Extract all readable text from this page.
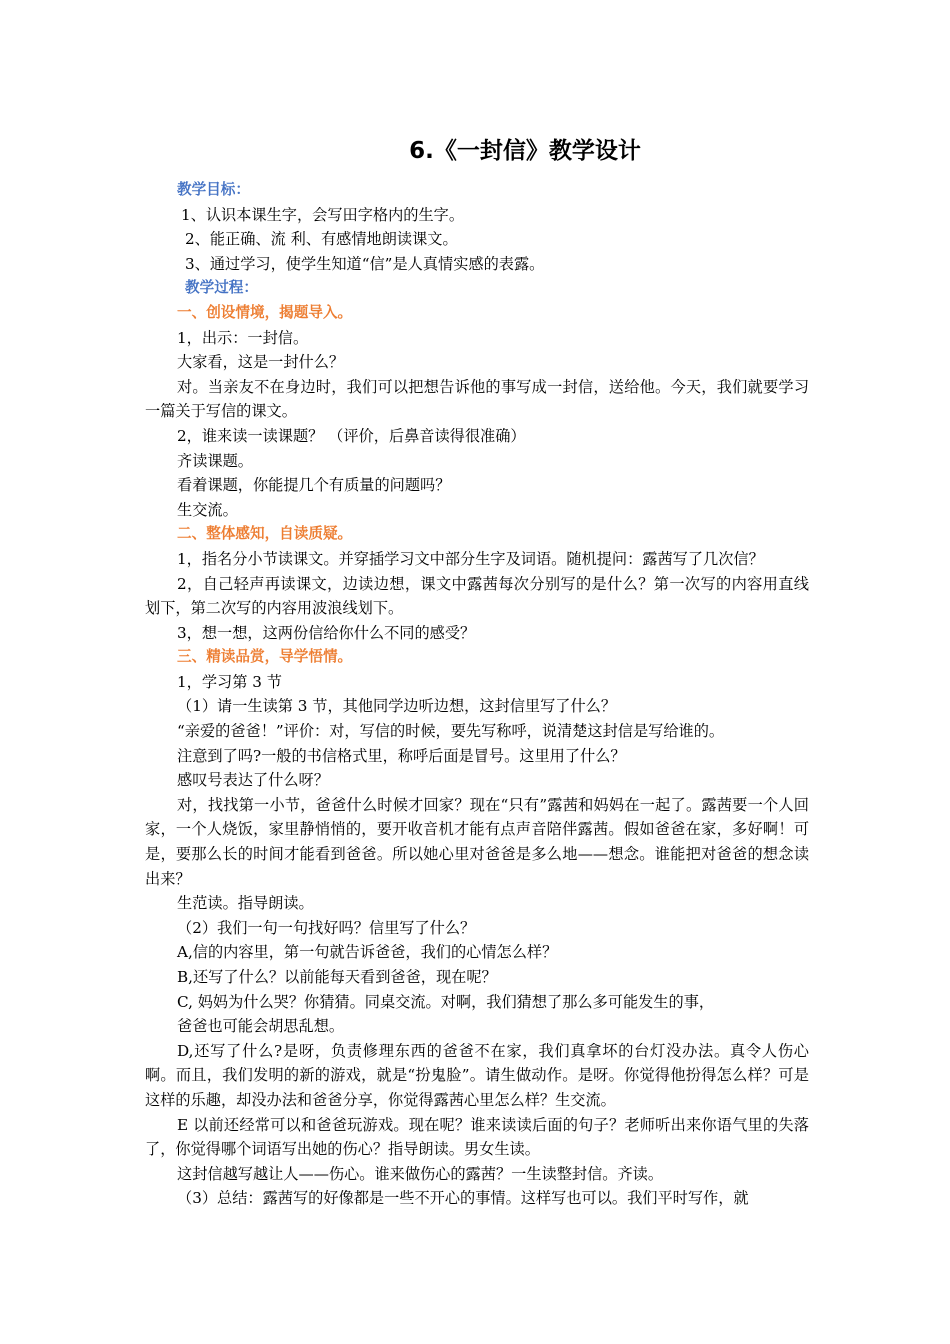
6.《一封信》教学设计

教学目标：

1、认识本课生字，会写田字格内的生字。

2、能正确、流 利、有感情地朗读课文。

3、通过学习，使学生知道“信”是人真情实感的表露。

教学过程：

一、创设情境，揭题导入。

1，出示：一封信。

大家看，这是一封什么？

对。当亲友不在身边时，我们可以把想告诉他的事写成一封信，送给他。今天，我们就要学习一篇关于写信的课文。

2，谁来读一读课题？ （评价，后鼻音读得很准确）

齐读课题。

看着课题，你能提几个有质量的问题吗？

生交流。

二、整体感知，自读质疑。

1，指名分小节读课文。并穿插学习文中部分生字及词语。随机提问：露茜写了几次信？

2，自己轻声再读课文，边读边想，课文中露茜每次分别写的是什么？第一次写的内容用直线划下，第二次写的内容用波浪线划下。

3，想一想，这两份信给你什么不同的感受？

三、精读品赏，导学悟情。

1，学习第 3 节

（1）请一生读第 3 节，其他同学边听边想，这封信里写了什么？

“亲爱的爸爸！”评价：对，写信的时候，要先写称呼，说清楚这封信是写给谁的。

注意到了吗?一般的书信格式里，称呼后面是冒号。这里用了什么？

感叹号表达了什么呀？

对，找找第一小节，爸爸什么时候才回家？现在“只有”露茜和妈妈在一起了。露茜要一个人回家，一个人烧饭，家里静悄悄的，要开收音机才能有点声音陪伴露茜。假如爸爸在家，多好啊！可是，要那么长的时间才能看到爸爸。所以她心里对爸爸是多么地——想念。谁能把对爸爸的想念读出来？

生范读。指导朗读。

（2）我们一句一句找好吗？信里写了什么？

A,信的内容里，第一句就告诉爸爸，我们的心情怎么样？

B,还写了什么？以前能每天看到爸爸，现在呢？

C, 妈妈为什么哭？你猜猜。同桌交流。对啊，我们猜想了那么多可能发生的事，

爸爸也可能会胡思乱想。

D,还写了什么?是呀，负责修理东西的爸爸不在家，我们真拿坏的台灯没办法。真令人伤心啊。而且，我们发明的新的游戏，就是“扮鬼脸”。请生做动作。是呀。你觉得他扮得怎么样？可是这样的乐趣，却没办法和爸爸分享，你觉得露茜心里怎么样？生交流。

E 以前还经常可以和爸爸玩游戏。现在呢？谁来读读后面的句子？老师听出来你语气里的失落了，你觉得哪个词语写出她的伤心？指导朗读。男女生读。

这封信越写越让人——伤心。谁来做伤心的露茜？一生读整封信。齐读。

（3）总结：露茜写的好像都是一些不开心的事情。这样写也可以。我们平时写作，就
